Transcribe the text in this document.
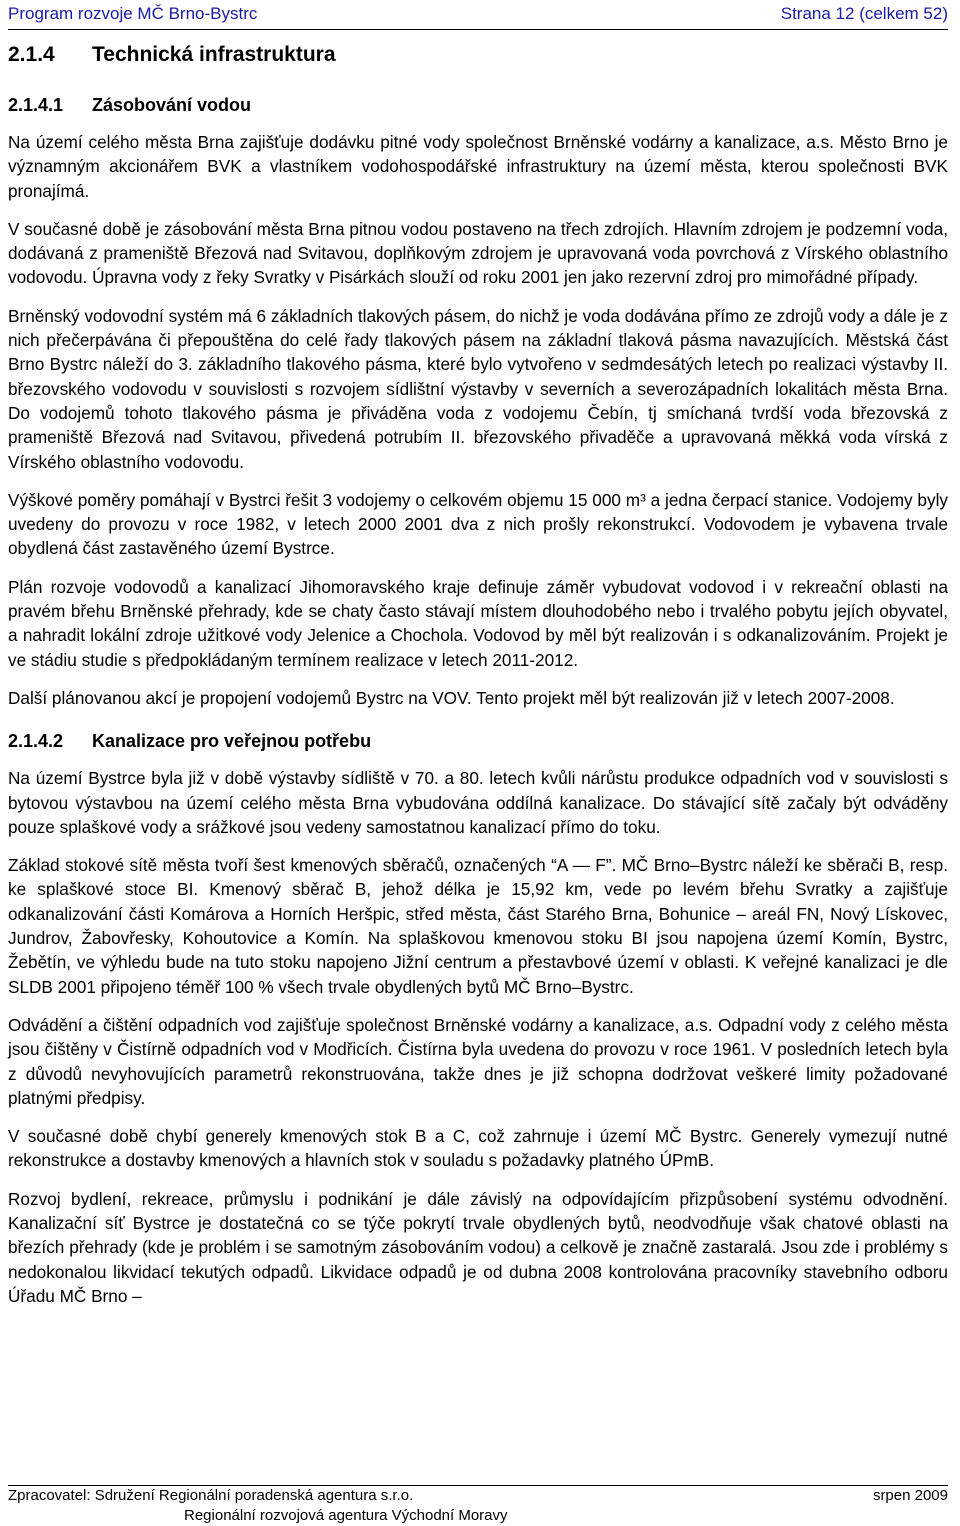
Program rozvoje MČ Brno-Bystrc	Strana 12 (celkem 52)
2.1.4 Technická infrastruktura
2.1.4.1 Zásobování vodou

Na území celého města Brna zajišťuje dodávku pitné vody společnost Brněnské vodárny a kanalizace, a.s. Město Brno je významným akcionářem BVK a vlastníkem vodohospodářské infrastruktury na území města, kterou společnosti BVK pronajímá.

V současné době je zásobování města Brna pitnou vodou postaveno na třech zdrojích. Hlavním zdrojem je podzemní voda, dodávaná z prameniště Březová nad Svitavou, doplňkovým zdrojem je upravovaná voda povrchová z Vírského oblastního vodovodu. Úpravna vody z řeky Svratky v Pisárkách slouží od roku 2001 jen jako rezervní zdroj pro mimořádné případy.

Brněnský vodovodní systém má 6 základních tlakových pásem, do nichž je voda dodávána přímo ze zdrojů vody a dále je z nich přečerpávána či přepouštěna do celé řady tlakových pásem na základní tlaková pásma navazujících. Městská část Brno Bystrc náleží do 3. základního tlakového pásma, které bylo vytvořeno v sedmdesátých letech po realizaci výstavby II. březovského vodovodu v souvislosti s rozvojem sídlištní výstavby v severních a severozápadních lokalitách města Brna. Do vodojemů tohoto tlakového pásma je přiváděna voda z vodojemu Čebín, tj smíchaná tvrdší voda březovská z prameniště Březová nad Svitavou, přivedená potrubím II. březovského přivaděče a upravovaná měkká voda vírská z Vírského oblastního vodovodu.

Výškové poměry pomáhají v Bystrci řešit 3 vodojemy o celkovém objemu 15 000 m³ a jedna čerpací stanice. Vodojemy byly uvedeny do provozu v roce 1982, v letech 2000 2001 dva z nich prošly rekonstrukcí. Vodovodem je vybavena trvale obydlená část zastavěného území Bystrce.

Plán rozvoje vodovodů a kanalizací Jihomoravského kraje definuje záměr vybudovat vodovod i v rekreační oblasti na pravém břehu Brněnské přehrady, kde se chaty často stávají místem dlouhodobého nebo i trvalého pobytu jejích obyvatel, a nahradit lokální zdroje užitkové vody Jelenice a Chochola. Vodovod by měl být realizován i s odkanalizováním. Projekt je ve stádiu studie s předpokládaným termínem realizace v letech 2011-2012.

Další plánovanou akcí je propojení vodojemů Bystrc na VOV. Tento projekt měl být realizován již v letech 2007-2008.

2.1.4.2 Kanalizace pro veřejnou potřebu

Na území Bystrce byla již v době výstavby sídliště v 70. a 80. letech kvůli nárůstu produkce odpadních vod v souvislosti s bytovou výstavbou na území celého města Brna vybudována oddílná kanalizace. Do stávající sítě začaly být odváděny pouze splaškové vody a srážkové jsou vedeny samostatnou kanalizací přímo do toku.

Základ stokové sítě města tvoří šest kmenových sběračů, označených “A — F”. MČ Brno–Bystrc náleží ke sběrači B, resp. ke splaškové stoce BI. Kmenový sběrač B, jehož délka je 15,92 km, vede po levém břehu Svratky a zajišťuje odkanalizování části Komárova a Horních Heršpic, střed města, část Starého Brna, Bohunice – areál FN, Nový Lískovec, Jundrov, Žabovřesky, Kohoutovice a Komín. Na splaškovou kmenovou stoku BI jsou napojena území Komín, Bystrc, Žebětín, ve výhledu bude na tuto stoku napojeno Jižní centrum a přestavbové území v oblasti. K veřejné kanalizaci je dle SLDB 2001 připojeno téměř 100 % všech trvale obydlených bytů MČ Brno–Bystrc.

Odvádění a čištění odpadních vod zajišťuje společnost Brněnské vodárny a kanalizace, a.s. Odpadní vody z celého města jsou čištěny v Čistírně odpadních vod v Modřicích. Čistírna byla uvedena do provozu v roce 1961. V posledních letech byla z důvodů nevyhovujících parametrů rekonstruována, takže dnes je již schopna dodržovat veškeré limity požadované platnými předpisy.

V současné době chybí generely kmenových stok B a C, což zahrnuje i území MČ Bystrc. Generely vymezují nutné rekonstrukce a dostavby kmenových a hlavních stok v souladu s požadavky platného ÚPmB.

Rozvoj bydlení, rekreace, průmyslu i podnikání je dále závislý na odpovídajícím přizpůsobení systému odvodnění. Kanalizační síť Bystrce je dostatečná co se týče pokrytí trvale obydlených bytů, neodvodňuje však chatové oblasti na březích přehrady (kde je problém i se samotným zásobováním vodou) a celkově je značně zastaralá. Jsou zde i problémy s nedokonalou likvidací tekutých odpadů. Likvidace odpadů je od dubna 2008 kontrolována pracovníky stavebního odboru Úřadu MČ Brno –

Zpracovatel: Sdružení Regionální poradenská agentura s.r.o.	srpen 2009
Regionální rozvojová agentura Východní Moravy
